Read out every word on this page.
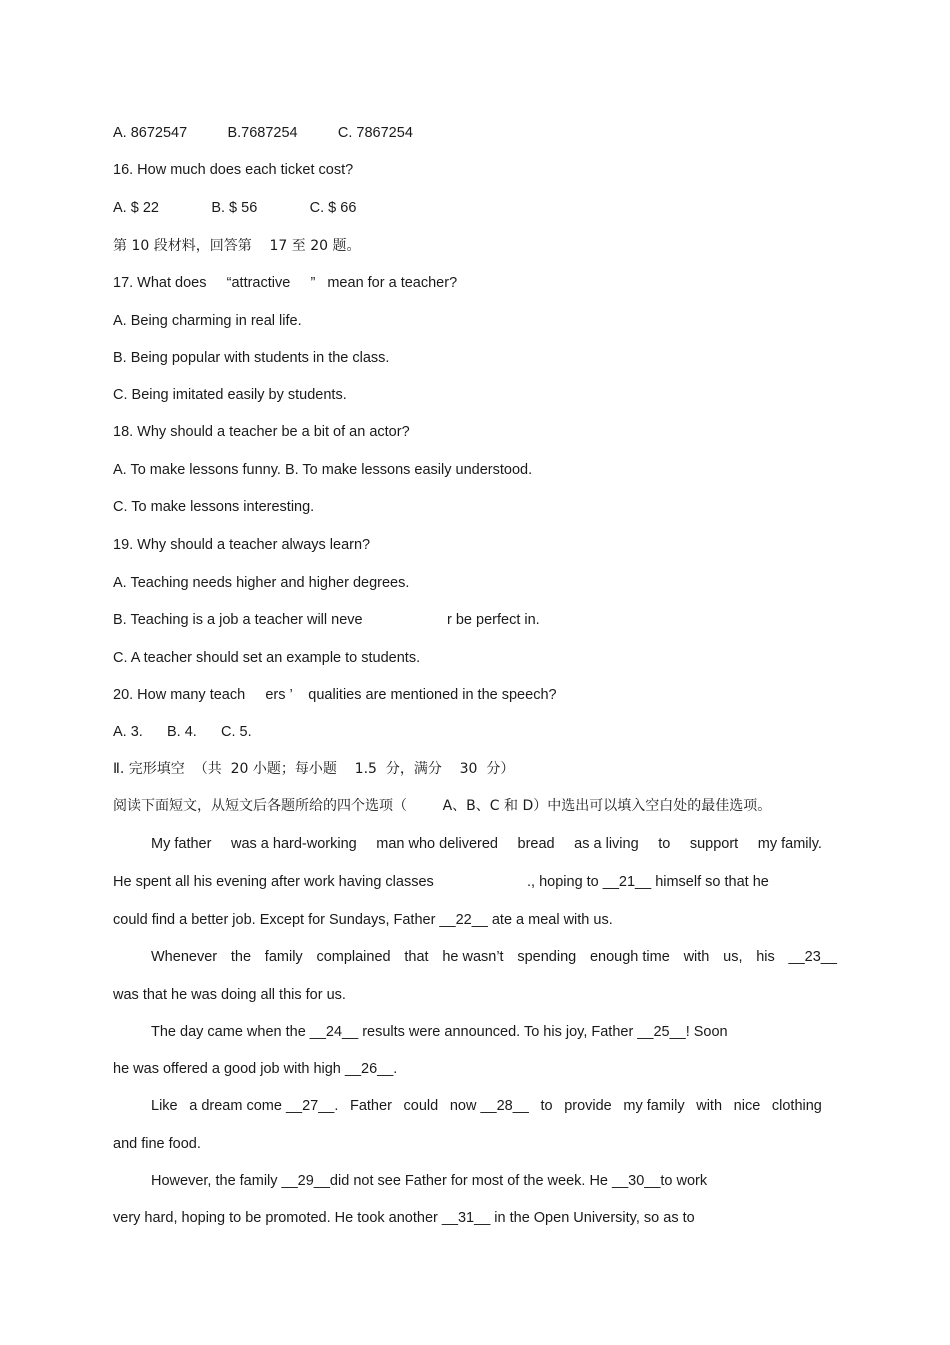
A. 8672547          B.7687254          C. 7867254
16. How much does each ticket cost?
A. $ 22             B. $ 56             C. $ 66
第 10 段材料，回答第    17 至 20 题。
17. What does     “attractive     ”   mean for a teacher?
A. Being charming in real life.
B. Being popular with students in the class.
C. Being imitated easily by students.
18. Why should a teacher be a bit of an actor?
A. To make lessons funny. B. To make lessons easily understood.
C. To make lessons interesting.
19. Why should a teacher always learn?
A. Teaching needs higher and higher degrees.
B. Teaching is a job a teacher will neve	r be perfect in.
C. A teacher should set an example to students.
20. How many teach     ers ’    qualities are mentioned in the speech?
A. 3.      B. 4.      C. 5.
Ⅱ. 完形填空  （共  20 小题；每小题    1.5  分，满分    30  分）
阅读下面短文，从短文后各题所给的四个选项（        A、B、C 和 D）中选出可以填入空白处的最佳选项。
My father was a hard-working man who delivered bread as a living to support my family.
He spent all his evening after work having classes	., hoping to __21__ himself so that he
could find a better job. Except for Sundays, Father __22__ ate a meal with us.
Whenever the family complained that he wasn’t spending enough time with us, his __23__
was that he was doing all this for us.
The day came when the __24__ results were announced. To his joy, Father __25__! Soon
he was offered a good job with high __26__.
Like a dream come __27__. Father could now __28__ to provide my family with nice clothing
and fine food.
However, the family __29__did not see Father for most of the week. He __30__to work
very hard, hoping to be promoted. He took another __31__ in the Open University, so as to
